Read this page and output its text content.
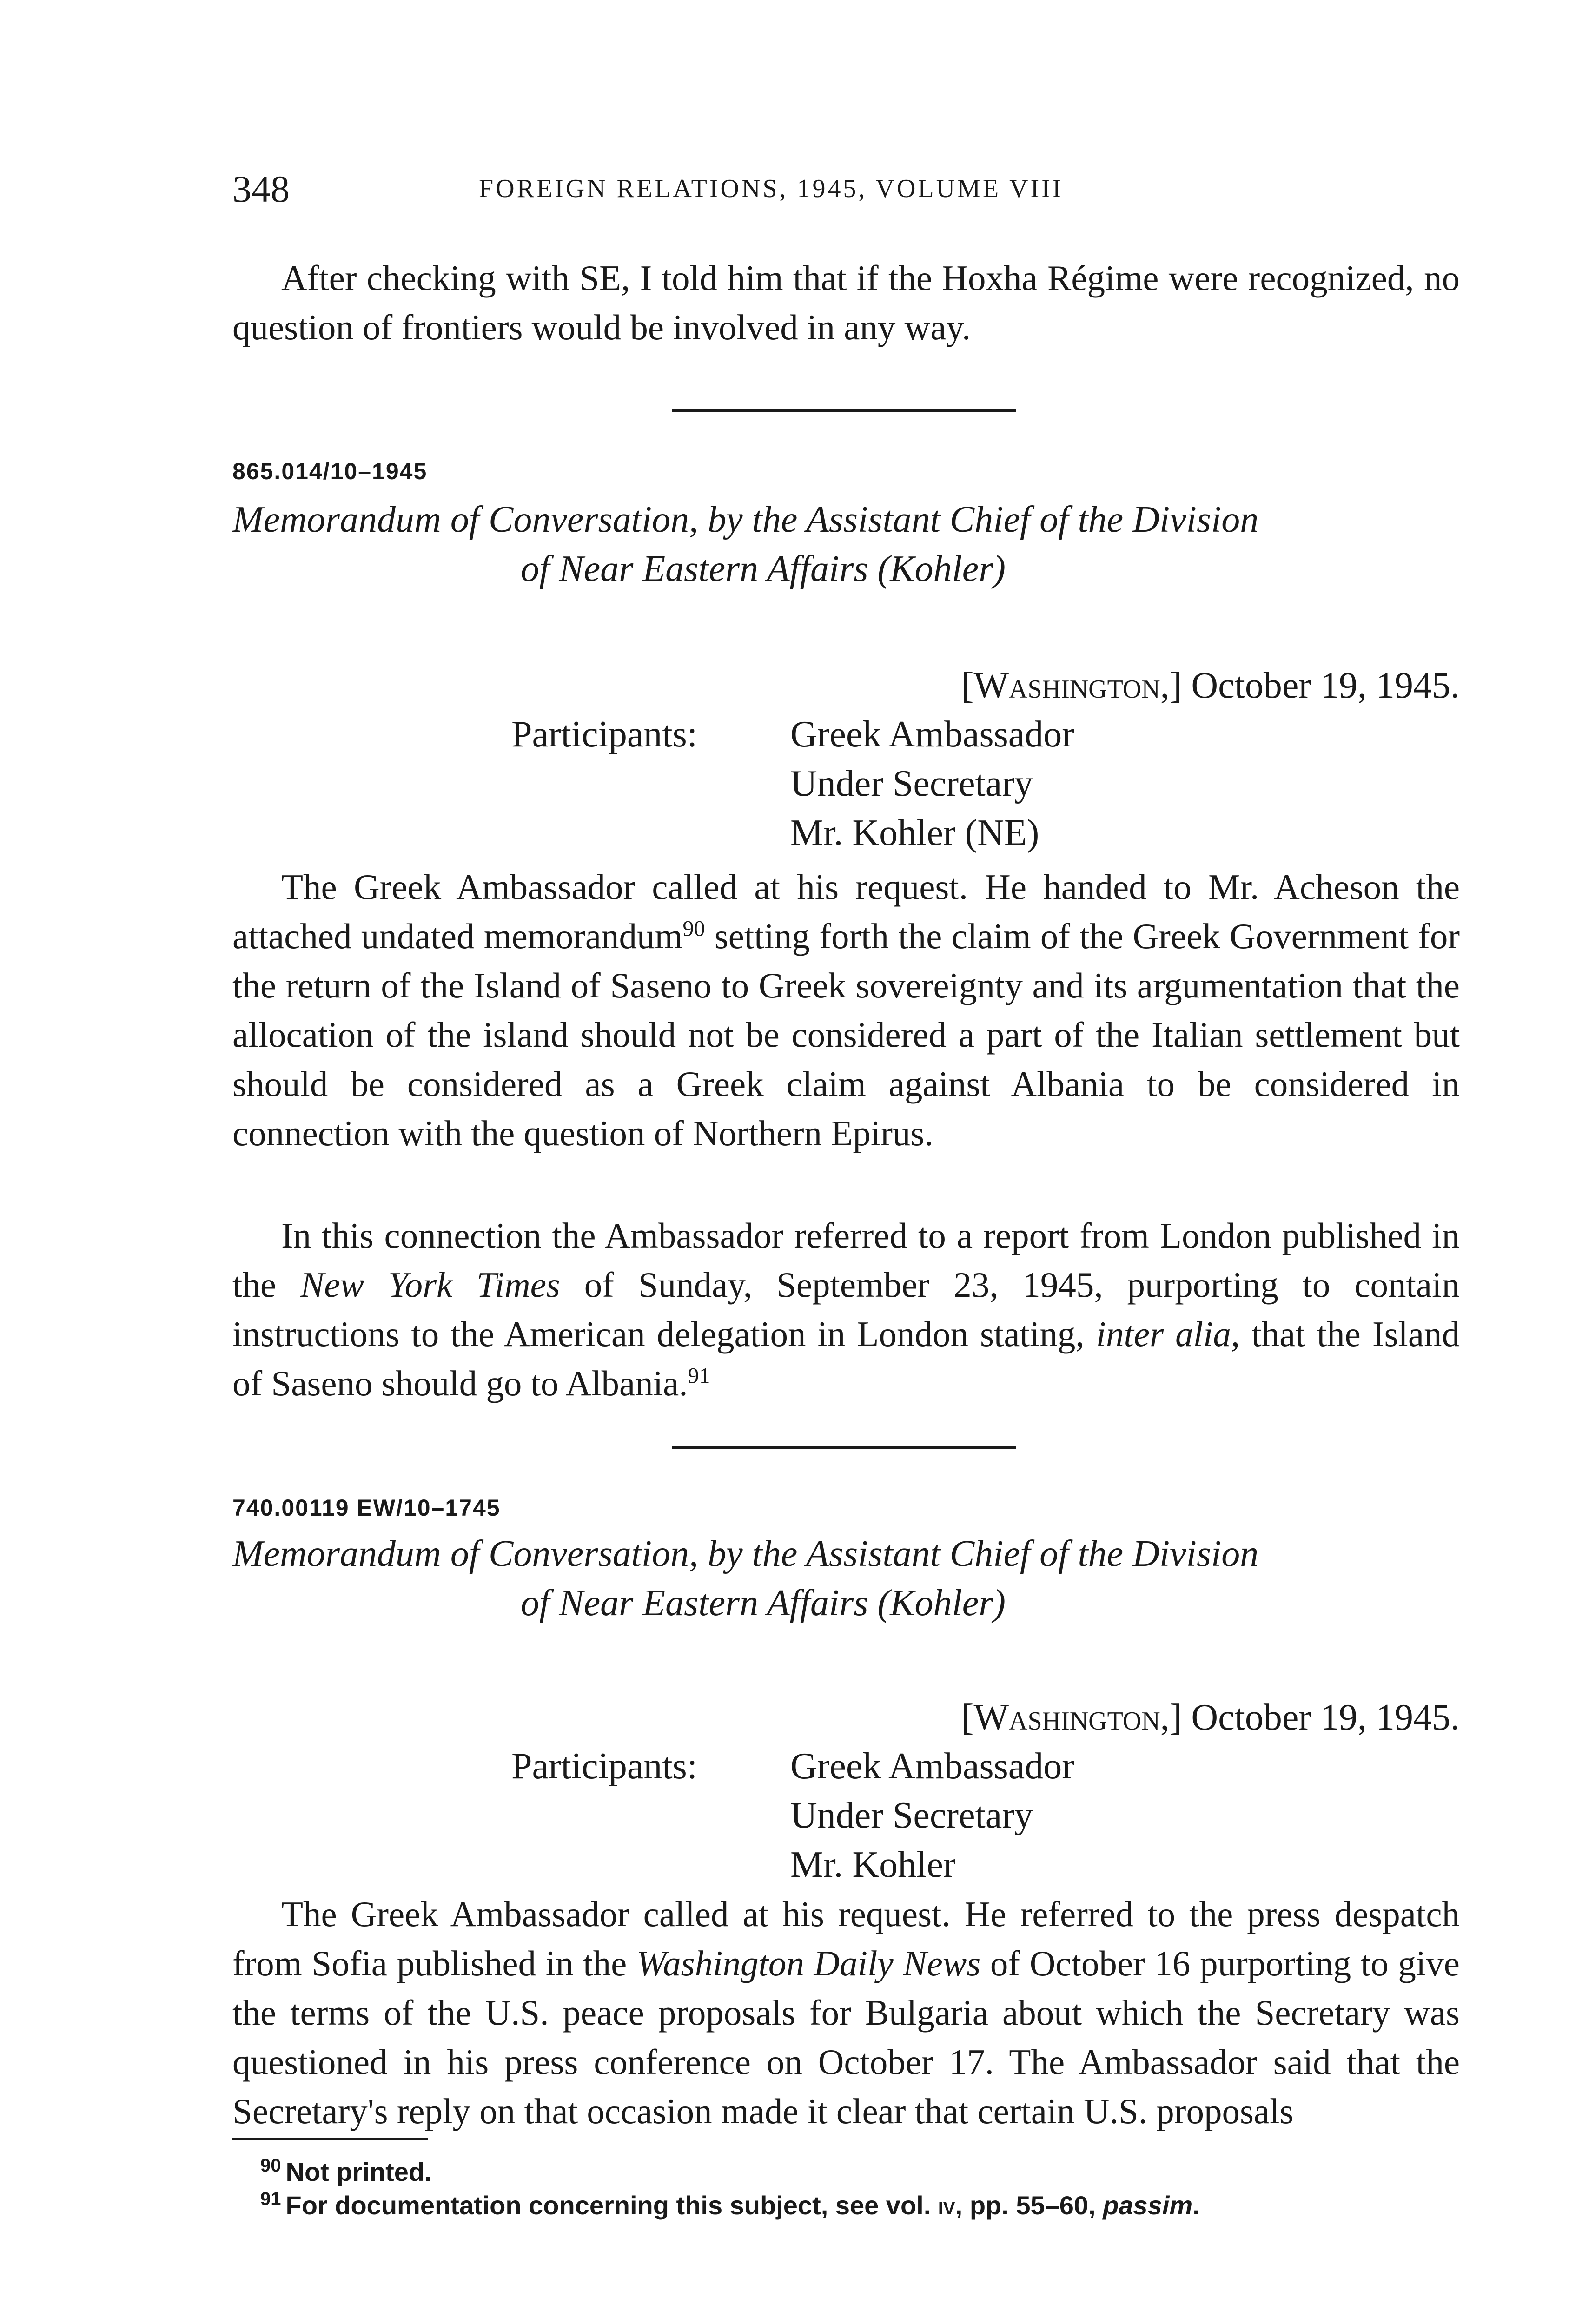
348	FOREIGN RELATIONS, 1945, VOLUME VIII

After checking with SE, I told him that if the Hoxha Régime were recognized, no question of frontiers would be involved in any way.

865.014/10–1945

Memorandum of Conversation, by the Assistant Chief of the Division
of Near Eastern Affairs (Kohler)

[Washington,] October 19, 1945.
Participants:	Greek Ambassador
Under Secretary
Mr. Kohler (NE)

The Greek Ambassador called at his request. He handed to Mr. Acheson the attached undated memorandum$^{90}$ setting forth the claim of the Greek Government for the return of the Island of Saseno to Greek sovereignty and its argumentation that the allocation of the island should not be considered a part of the Italian settlement but should be considered as a Greek claim against Albania to be considered in connection with the question of Northern Epirus.

In this connection the Ambassador referred to a report from London published in the New York Times of Sunday, September 23, 1945, purporting to contain instructions to the American delegation in London stating, inter alia, that the Island of Saseno should go to Albania.$^{91}$

740.00119 EW/10–1745

Memorandum of Conversation, by the Assistant Chief of the Division
of Near Eastern Affairs (Kohler)

[Washington,] October 19, 1945.
Participants:	Greek Ambassador
Under Secretary
Mr. Kohler

The Greek Ambassador called at his request. He referred to the press despatch from Sofia published in the Washington Daily News of October 16 purporting to give the terms of the U.S. peace proposals for Bulgaria about which the Secretary was questioned in his press conference on October 17. The Ambassador said that the Secretary's reply on that occasion made it clear that certain U.S. proposals

$^{90}$ Not printed.
$^{91}$ For documentation concerning this subject, see vol. iv, pp. 55–60, passim.
